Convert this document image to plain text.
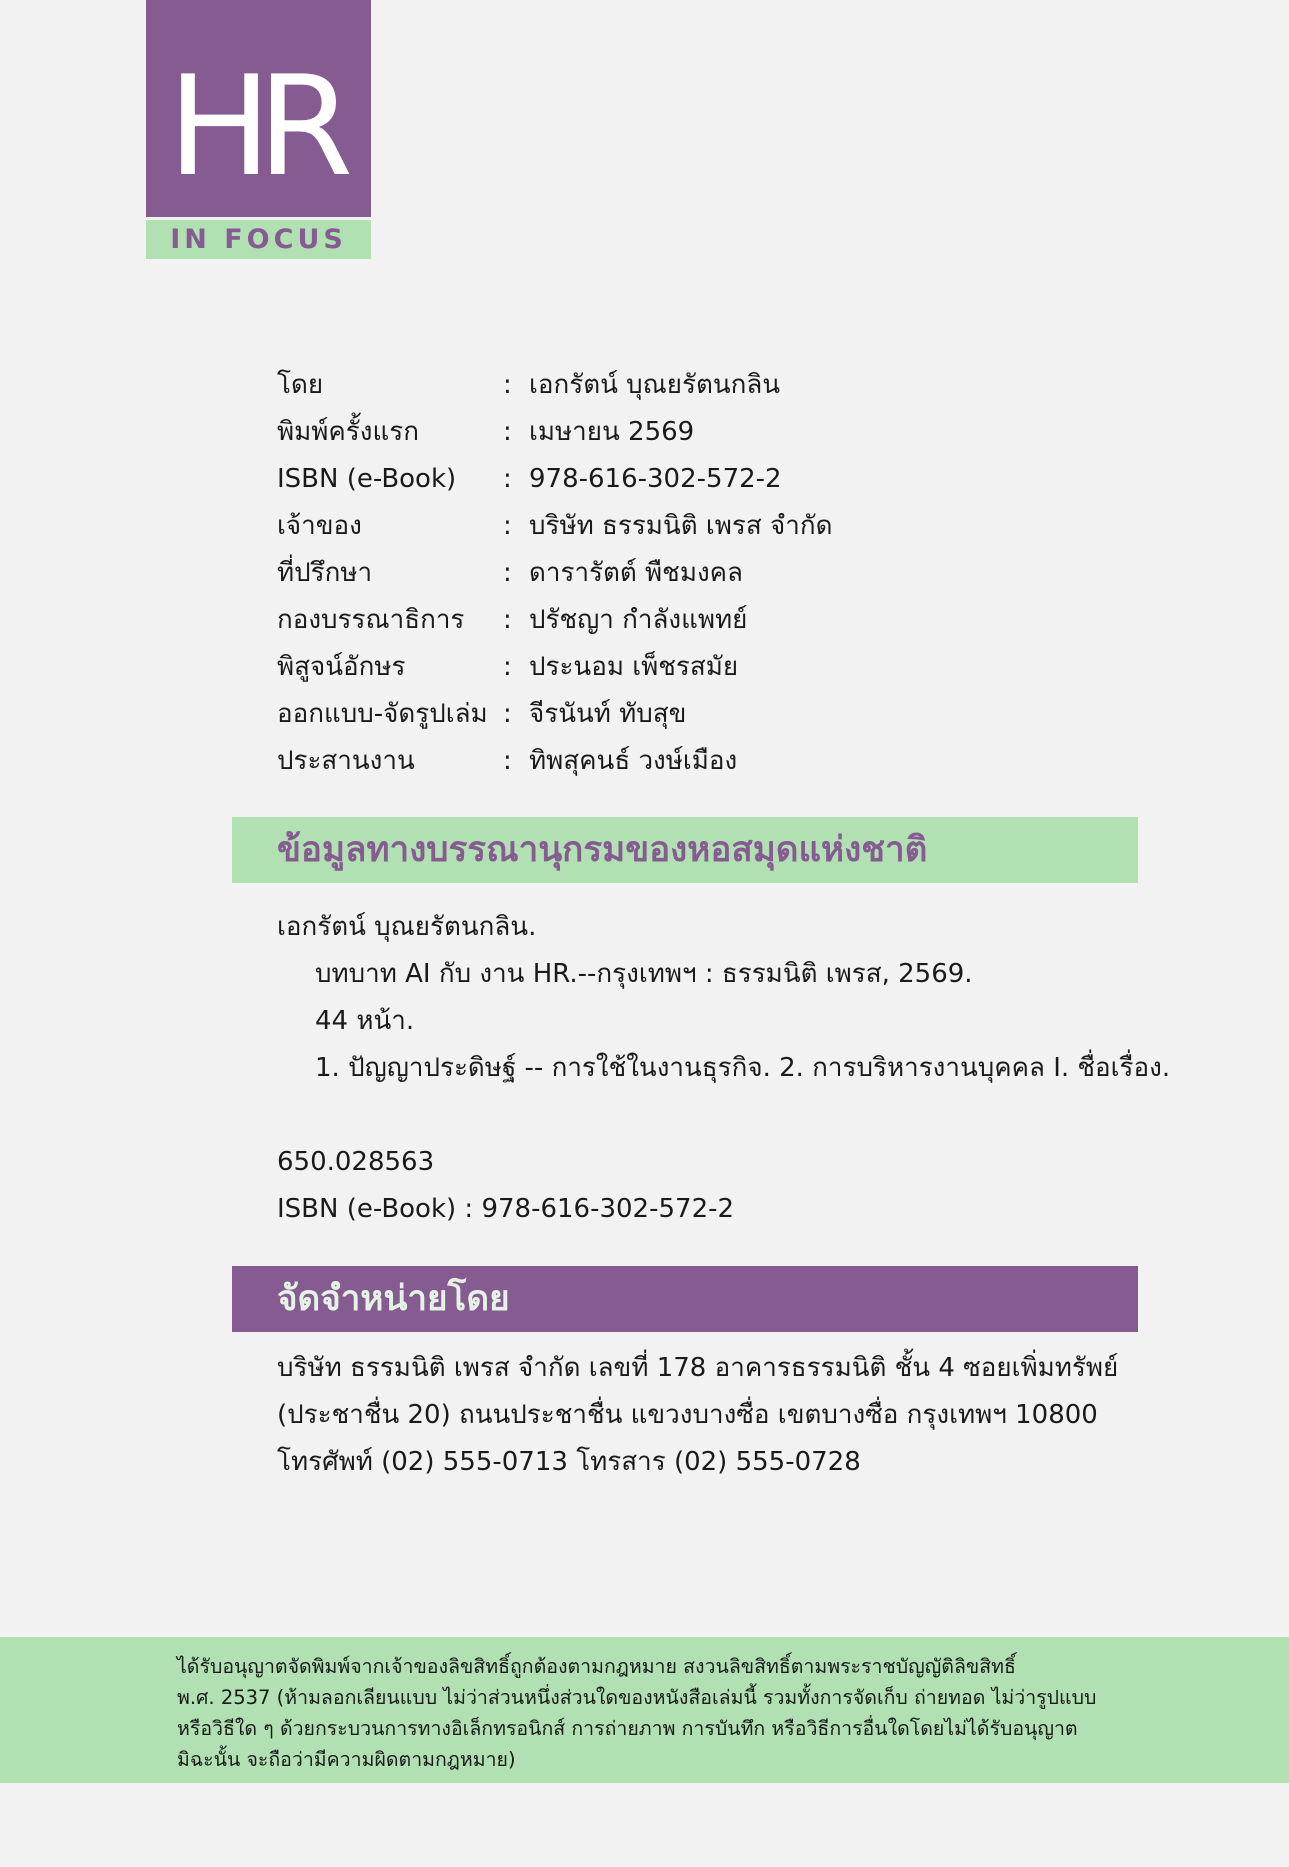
HR
IN FOCUS
โดย	: เอกรัตน์ บุณยรัตนกลิน
พิมพ์ครั้งแรก	: เมษายน 2569
ISBN (e-Book) : 978-616-302-572-2
เจ้าของ	: บริษัท ธรรมนิติ เพรส จำกัด
ที่ปรึกษา	: ดารารัตต์ พืชมงคล
กองบรรณาธิการ : ปรัชญา กำลังแพทย์
พิสูจน์อักษร	: ประนอม เพ็ชรสมัย
ออกแบบ-จัดรูปเล่ม : จีรนันท์ ทับสุข
ประสานงาน	: ทิพสุคนธ์ วงษ์เมือง
ข้อมูลทางบรรณานุกรมของหอสมุดแห่งชาติ
เอกรัตน์ บุณยรัตนกลิน.
บทบาท AI กับ งาน HR.--กรุงเทพฯ : ธรรมนิติ เพรส, 2569.
44 หน้า.
1. ปัญญาประดิษฐ์ -- การใช้ในงานธุรกิจ. 2. การบริหารงานบุคคล I. ชื่อเรื่อง.
650.028563
ISBN (e-Book) : 978-616-302-572-2
จัดจำหน่ายโดย
บริษัท ธรรมนิติ เพรส จำกัด เลขที่ 178 อาคารธรรมนิติ ชั้น 4 ซอยเพิ่มทรัพย์
(ประชาชื่น 20) ถนนประชาชื่น แขวงบางซื่อ เขตบางซื่อ กรุงเทพฯ 10800
โทรศัพท์ (02) 555-0713 โทรสาร (02) 555-0728
ได้รับอนุญาตจัดพิมพ์จากเจ้าของลิขสิทธิ์ถูกต้องตามกฎหมาย สงวนลิขสิทธิ์ตามพระราชบัญญัติลิขสิทธิ์
พ.ศ. 2537 (ห้ามลอกเลียนแบบ ไม่ว่าส่วนหนึ่งส่วนใดของหนังสือเล่มนี้ รวมทั้งการจัดเก็บ ถ่ายทอด ไม่ว่ารูปแบบ
หรือวิธีใด ๆ ด้วยกระบวนการทางอิเล็กทรอนิกส์ การถ่ายภาพ การบันทึก หรือวิธีการอื่นใดโดยไม่ได้รับอนุญาต
มิฉะนั้น จะถือว่ามีความผิดตามกฎหมาย)
